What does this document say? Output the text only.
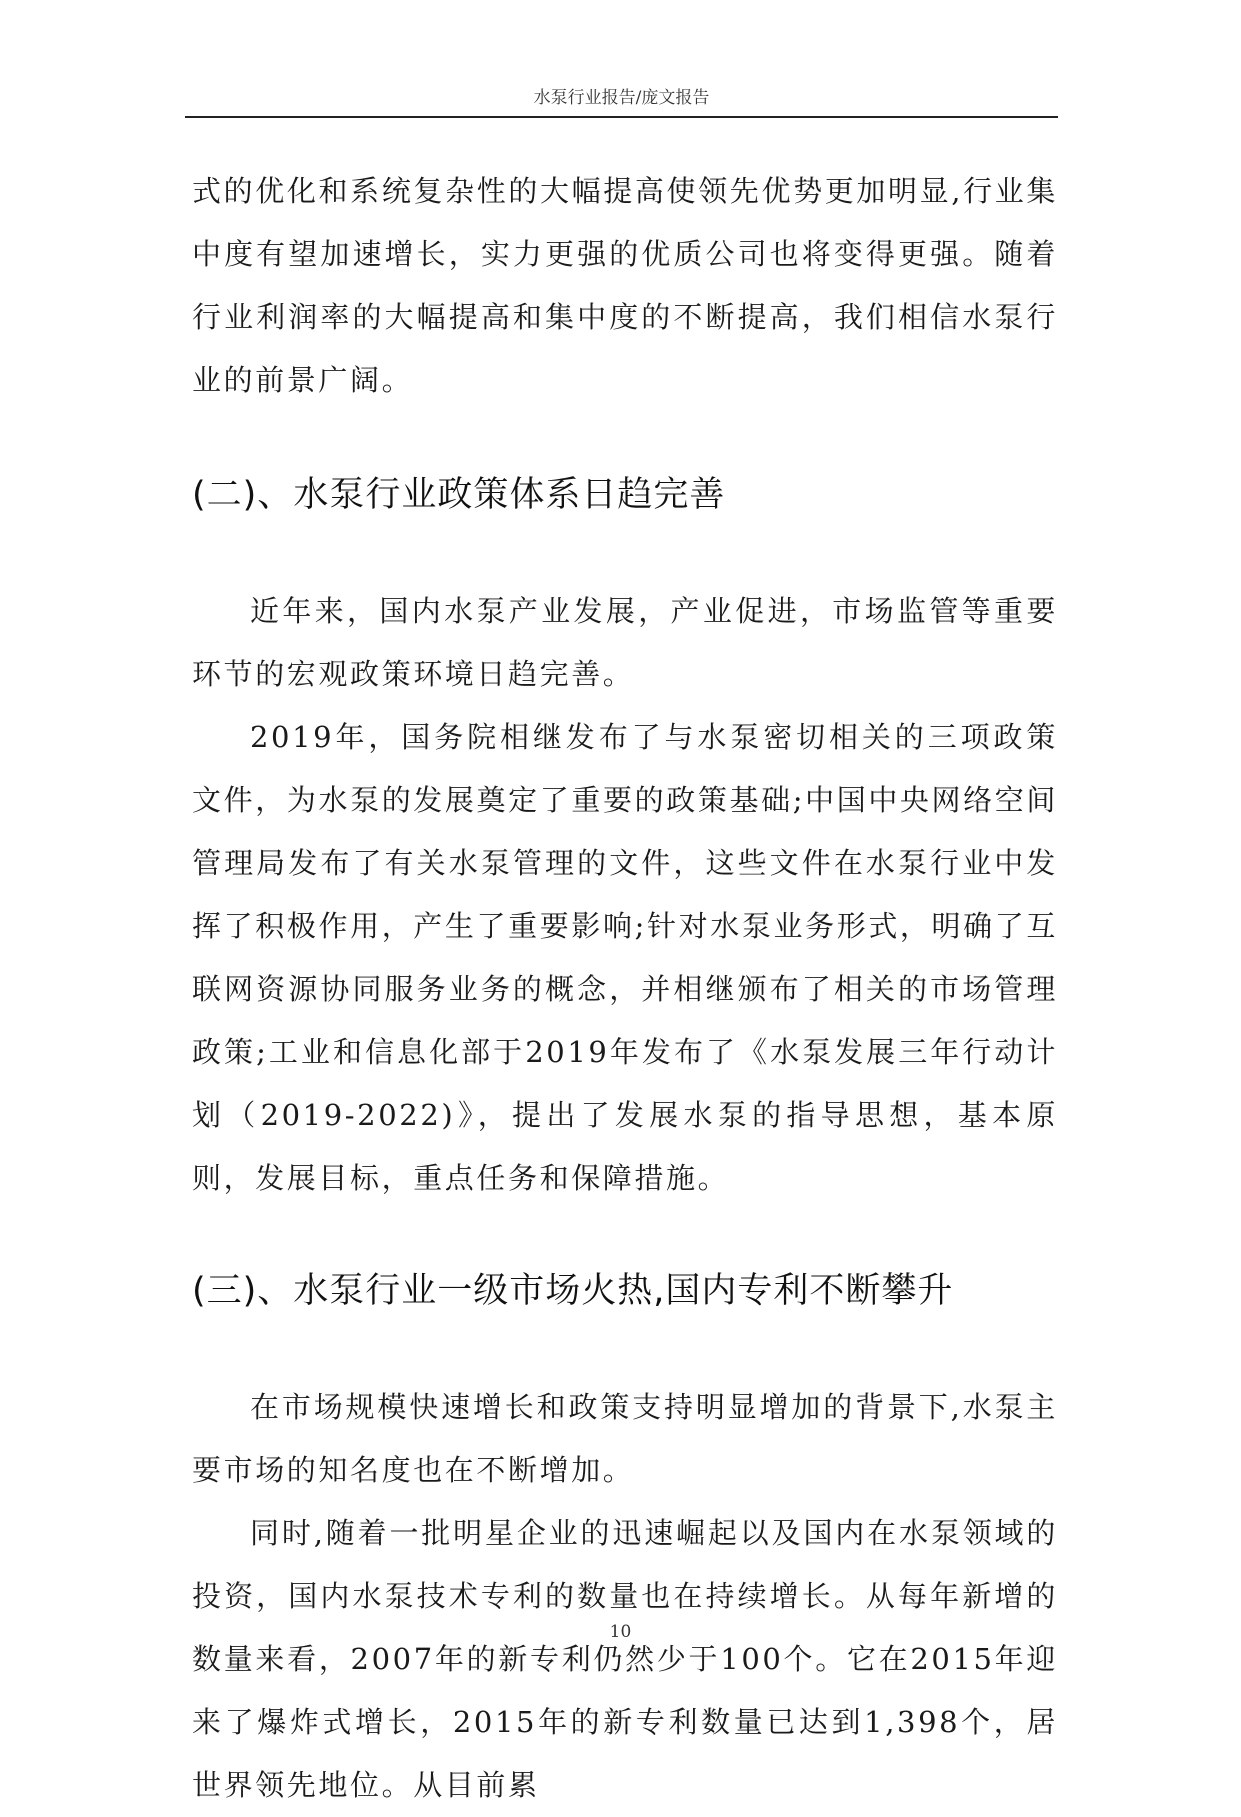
水泵行业报告/庞文报告

式的优化和系统复杂性的大幅提高使领先优势更加明显,行业集中度有望加速增长，实力更强的优质公司也将变得更强。随着行业利润率的大幅提高和集中度的不断提高，我们相信水泵行业的前景广阔。

(二)、水泵行业政策体系日趋完善

近年来，国内水泵产业发展，产业促进，市场监管等重要环节的宏观政策环境日趋完善。

2019年，国务院相继发布了与水泵密切相关的三项政策文件，为水泵的发展奠定了重要的政策基础;中国中央网络空间管理局发布了有关水泵管理的文件，这些文件在水泵行业中发挥了积极作用，产生了重要影响;针对水泵业务形式，明确了互联网资源协同服务业务的概念，并相继颁布了相关的市场管理政策;工业和信息化部于2019年发布了《水泵发展三年行动计划（2019-2022)》，提出了发展水泵的指导思想，基本原则，发展目标，重点任务和保障措施。

(三)、水泵行业一级市场火热,国内专利不断攀升

在市场规模快速增长和政策支持明显增加的背景下,水泵主要市场的知名度也在不断增加。

同时,随着一批明星企业的迅速崛起以及国内在水泵领域的投资，国内水泵技术专利的数量也在持续增长。从每年新增的数量来看，2007年的新专利仍然少于100个。它在2015年迎来了爆炸式增长，2015年的新专利数量已达到1,398个，居世界领先地位。从目前累

10
